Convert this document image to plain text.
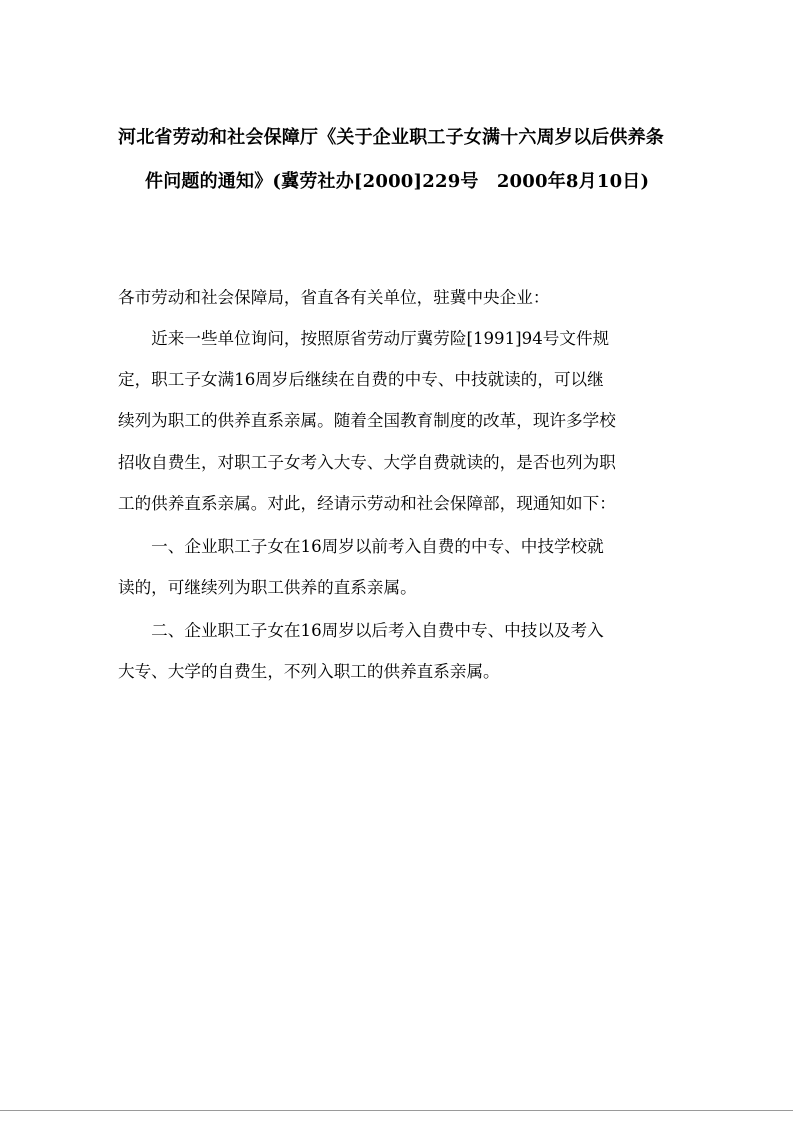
河北省劳动和社会保障厅《关于企业职工子女满十六周岁以后供养条
件问题的通知》(冀劳社办[2000]229号　2000年8月10日)
各市劳动和社会保障局，省直各有关单位，驻冀中央企业：
　　近来一些单位询问，按照原省劳动厅冀劳险[1991]94号文件规
定，职工子女满16周岁后继续在自费的中专、中技就读的，可以继
续列为职工的供养直系亲属。随着全国教育制度的改革，现许多学校
招收自费生，对职工子女考入大专、大学自费就读的，是否也列为职
工的供养直系亲属。对此，经请示劳动和社会保障部，现通知如下：
　　一、企业职工子女在16周岁以前考入自费的中专、中技学校就
读的，可继续列为职工供养的直系亲属。
　　二、企业职工子女在16周岁以后考入自费中专、中技以及考入
大专、大学的自费生，不列入职工的供养直系亲属。
